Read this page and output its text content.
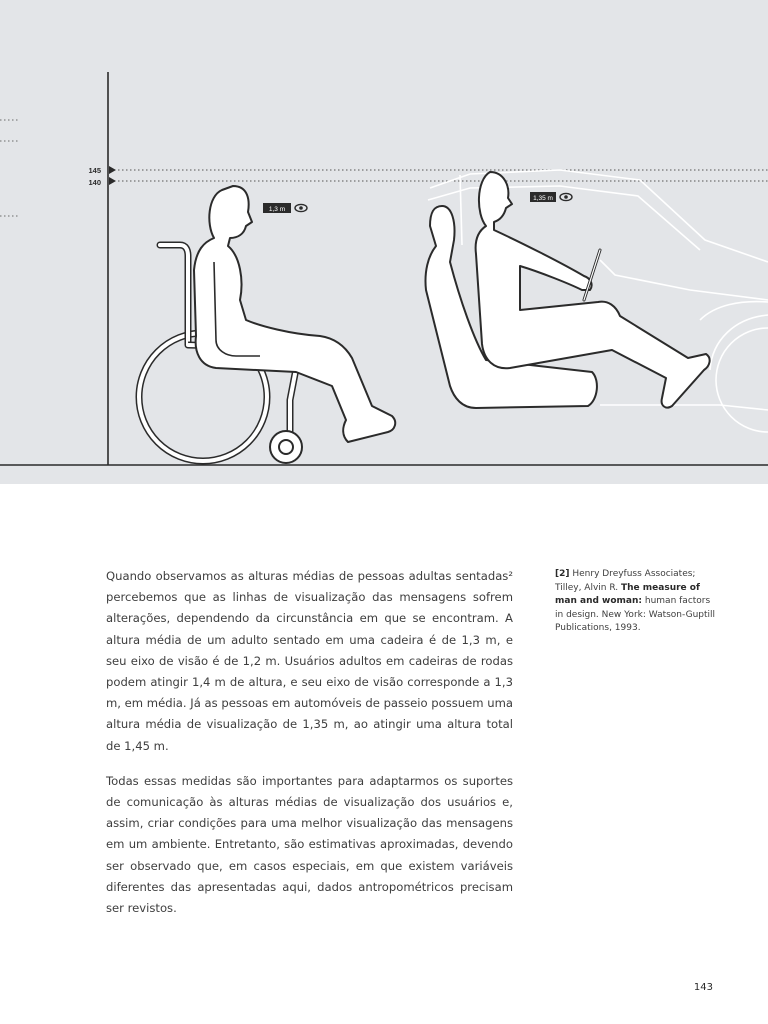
145
140
1,3 m
1,35 m

Quando observamos as alturas médias de pessoas adultas sentadas² percebemos que as linhas de visualização das mensagens sofrem alterações, dependendo da circunstância em que se encontram. A altura média de um adulto sentado em uma cadeira é de 1,3 m, e seu eixo de visão é de 1,2 m. Usuários adultos em cadeiras de rodas podem atingir 1,4 m de altura, e seu eixo de visão corresponde a 1,3 m, em média. Já as pessoas em automóveis de passeio possuem uma altura média de visualização de 1,35 m, ao atingir uma altura total de 1,45 m.

Todas essas medidas são importantes para adaptarmos os suportes de comunicação às alturas médias de visualização dos usuários e, assim, criar condições para uma melhor visualização das mensagens em um ambiente. Entretanto, são estimativas aproximadas, devendo ser observado que, em casos especiais, em que existem variáveis diferentes das apresentadas aqui, dados antropométricos precisam ser revistos.

[2] Henry Dreyfuss Associates; Tilley, Alvin R. The measure of man and woman: human factors in design. New York: Watson-Guptill Publications, 1993.
143
